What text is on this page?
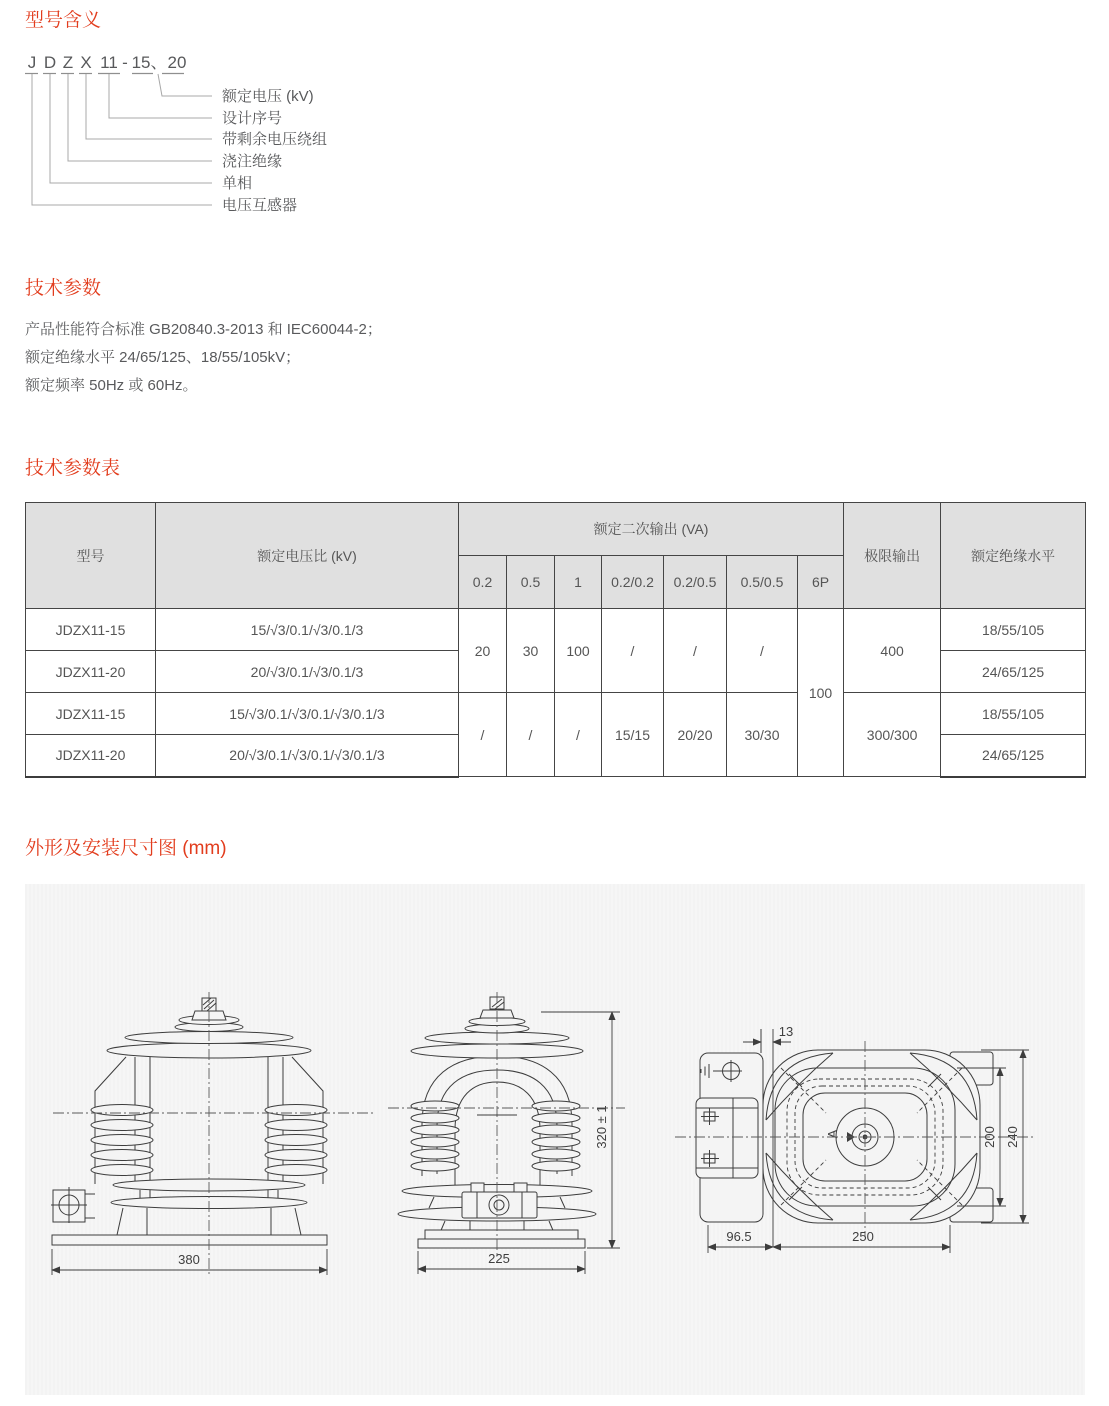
型号含义
J D Z X 11 - 15、20
额定电压 (kV)
设计序号
带剩余电压绕组
浇注绝缘
单相
电压互感器
技术参数

产品性能符合标准 GB20840.3-2013 和 IEC60044-2；

额定绝缘水平 24/65/125、18/55/105kV；

额定频率 50Hz 或 60Hz。

技术参数表
型号	额定电压比 (kV)	额定二次输出 (VA)							极限输出	额定绝缘水平
		0.2	0.5	1	0.2/0.2	0.2/0.5	0.5/0.5	6P		
JDZX11-15	15/√3/0.1/√3/0.1/3	20	30	100	/	/	/	100	400	18/55/105
JDZX11-20	20/√3/0.1/√3/0.1/3									24/65/125
JDZX11-15	15/√3/0.1/√3/0.1/√3/0.1/3	/	/	/	15/15	20/20	30/30		300/300	18/55/105
JDZX11-20	20/√3/0.1/√3/0.1/√3/0.1/3									24/65/125
外形及安装尺寸图 (mm)
380	225
320 ± 1	A
13
96.5	250
200 240
